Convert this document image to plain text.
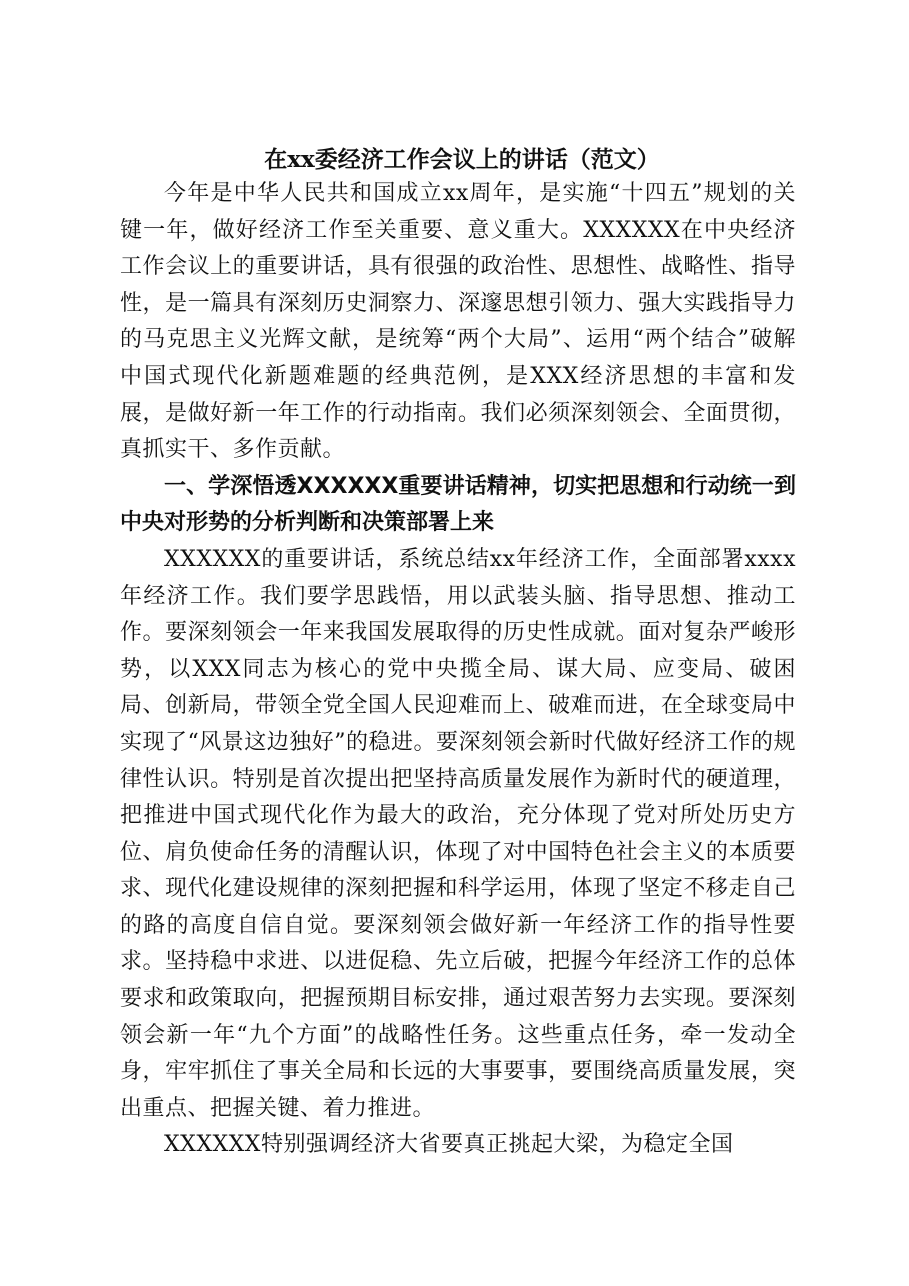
在xx委经济工作会议上的讲话（范文）

今年是中华人民共和国成立xx周年，是实施“十四五”规划的关键一年，做好经济工作至关重要、意义重大。XXXXXX在中央经济工作会议上的重要讲话，具有很强的政治性、思想性、战略性、指导性，是一篇具有深刻历史洞察力、深邃思想引领力、强大实践指导力的马克思主义光辉文献，是统筹“两个大局”、运用“两个结合”破解中国式现代化新题难题的经典范例，是XXX经济思想的丰富和发展，是做好新一年工作的行动指南。我们必须深刻领会、全面贯彻，真抓实干、多作贡献。

一、学深悟透XXXXXX重要讲话精神，切实把思想和行动统一到中央对形势的分析判断和决策部署上来

XXXXXX的重要讲话，系统总结xx年经济工作，全面部署xxxx年经济工作。我们要学思践悟，用以武装头脑、指导思想、推动工作。要深刻领会一年来我国发展取得的历史性成就。面对复杂严峻形势，以XXX同志为核心的党中央揽全局、谋大局、应变局、破困局、创新局，带领全党全国人民迎难而上、破难而进，在全球变局中实现了“风景这边独好”的稳进。要深刻领会新时代做好经济工作的规律性认识。特别是首次提出把坚持高质量发展作为新时代的硬道理，把推进中国式现代化作为最大的政治，充分体现了党对所处历史方位、肩负使命任务的清醒认识，体现了对中国特色社会主义的本质要求、现代化建设规律的深刻把握和科学运用，体现了坚定不移走自己的路的高度自信自觉。要深刻领会做好新一年经济工作的指导性要求。坚持稳中求进、以进促稳、先立后破，把握今年经济工作的总体要求和政策取向，把握预期目标安排，通过艰苦努力去实现。要深刻领会新一年“九个方面”的战略性任务。这些重点任务，牵一发动全身，牢牢抓住了事关全局和长远的大事要事，要围绕高质量发展，突出重点、把握关键、着力推进。

XXXXXX特别强调经济大省要真正挑起大梁，为稳定全国
